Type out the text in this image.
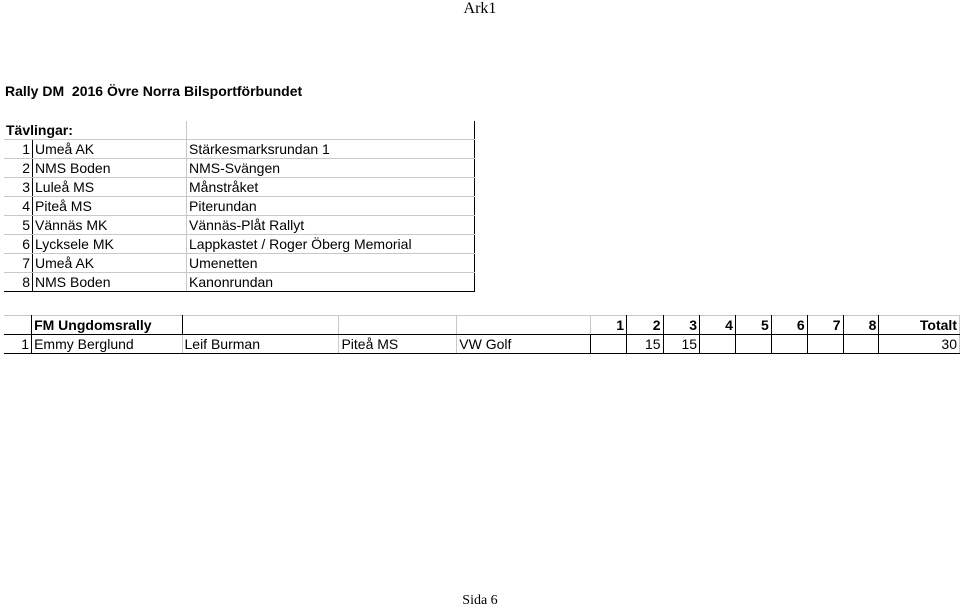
Ark1
Rally DM  2016 Övre Norra Bilsportförbundet
Tävlingar:		
1	Umeå AK	Stärkesmarksrundan 1
2	NMS Boden	NMS-Svängen
3	Luleå MS	Månstråket
4	Piteå MS	Piterundan
5	Vännäs MK	Vännäs-Plåt Rallyt
6	Lycksele MK	Lappkastet / Roger Öberg Memorial
7	Umeå AK	Umenetten
8	NMS Boden	Kanonrundan
	FM Ungdomsrally				1	2	3	4	5	6	7	8	Totalt
1	Emmy Berglund	Leif Burman	Piteå MS	VW Golf		15	15						30
Sida 6
